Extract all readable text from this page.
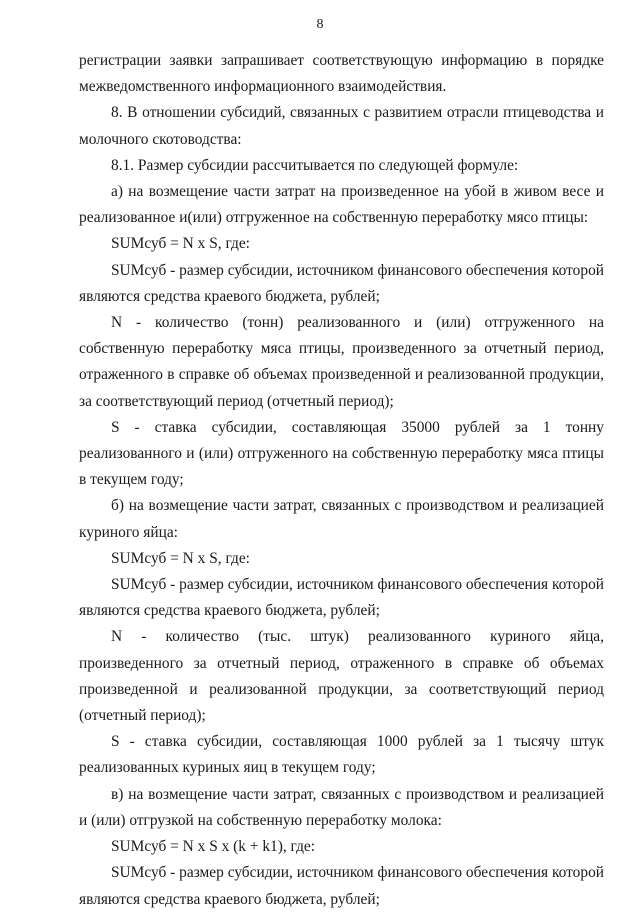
8

регистрации заявки запрашивает соответствующую информацию в порядке межведомственного информационного взаимодействия.

8. В отношении субсидий, связанных с развитием отрасли птицеводства и молочного скотоводства:

8.1. Размер субсидии рассчитывается по следующей формуле:

а) на возмещение части затрат на произведенное на убой в живом весе и реализованное и(или) отгруженное на собственную переработку мясо птицы:

SUMсуб = N x S, где:

SUMсуб - размер субсидии, источником финансового обеспечения которой являются средства краевого бюджета, рублей;

N - количество (тонн) реализованного и (или) отгруженного на собственную переработку мяса птицы, произведенного за отчетный период, отраженного в справке об объемах произведенной и реализованной продукции, за соответствующий период (отчетный период);

S - ставка субсидии, составляющая 35000 рублей за 1 тонну реализованного и (или) отгруженного на собственную переработку мяса птицы в текущем году;

б) на возмещение части затрат, связанных с производством и реализацией куриного яйца:

SUMсуб = N x S, где:

SUMсуб - размер субсидии, источником финансового обеспечения которой являются средства краевого бюджета, рублей;

N - количество (тыс. штук) реализованного куриного яйца, произведенного за отчетный период, отраженного в справке об объемах произведенной и реализованной продукции, за соответствующий период (отчетный период);

S - ставка субсидии, составляющая 1000 рублей за 1 тысячу штук реализованных куриных яиц в текущем году;

в) на возмещение части затрат, связанных с производством и реализацией и (или) отгрузкой на собственную переработку молока:

SUMсуб = N x S x (k + k1), где:

SUMсуб - размер субсидии, источником финансового обеспечения которой являются средства краевого бюджета, рублей;
